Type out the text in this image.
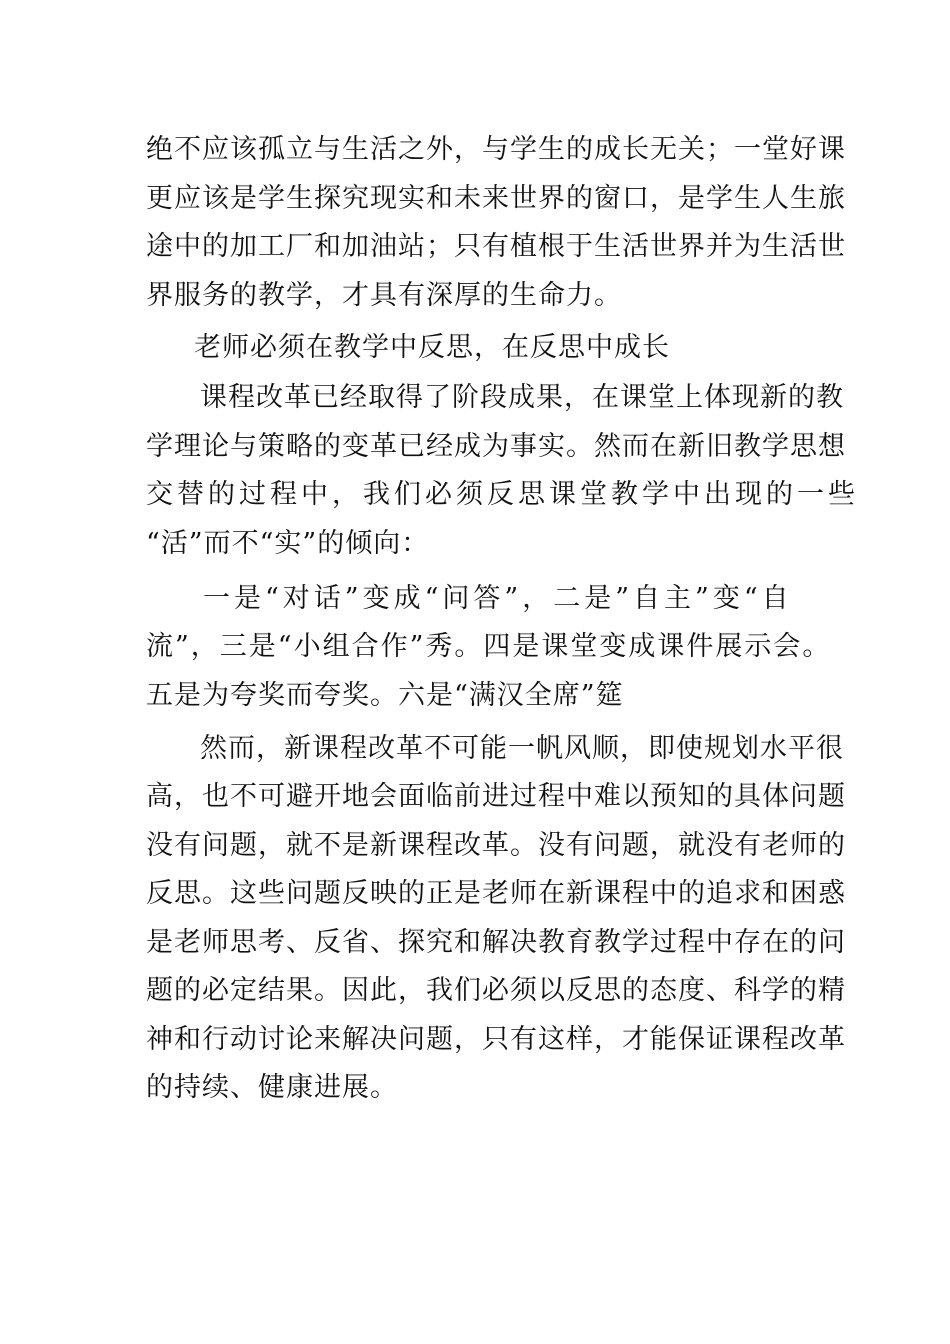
绝不应该孤立与生活之外，与学生的成长无关；一堂好课
更应该是学生探究现实和未来世界的窗口，是学生人生旅
途中的加工厂和加油站；只有植根于生活世界并为生活世
界服务的教学，才具有深厚的生命力。
老师必须在教学中反思，在反思中成长
课程改革已经取得了阶段成果，在课堂上体现新的教
学理论与策略的变革已经成为事实。然而在新旧教学思想
交替的过程中，我们必须反思课堂教学中出现的一些
“活”而不“实”的倾向：
一是“对话”变成“问答”，二是”自主”变“自
流”，三是“小组合作”秀。四是课堂变成课件展示会。
五是为夸奖而夸奖。六是“满汉全席”筵
然而，新课程改革不可能一帆风顺，即使规划水平很
高，也不可避开地会面临前进过程中难以预知的具体问题
没有问题，就不是新课程改革。没有问题，就没有老师的
反思。这些问题反映的正是老师在新课程中的追求和困惑
是老师思考、反省、探究和解决教育教学过程中存在的问
题的必定结果。因此，我们必须以反思的态度、科学的精
神和行动讨论来解决问题，只有这样，才能保证课程改革
的持续、健康进展。
